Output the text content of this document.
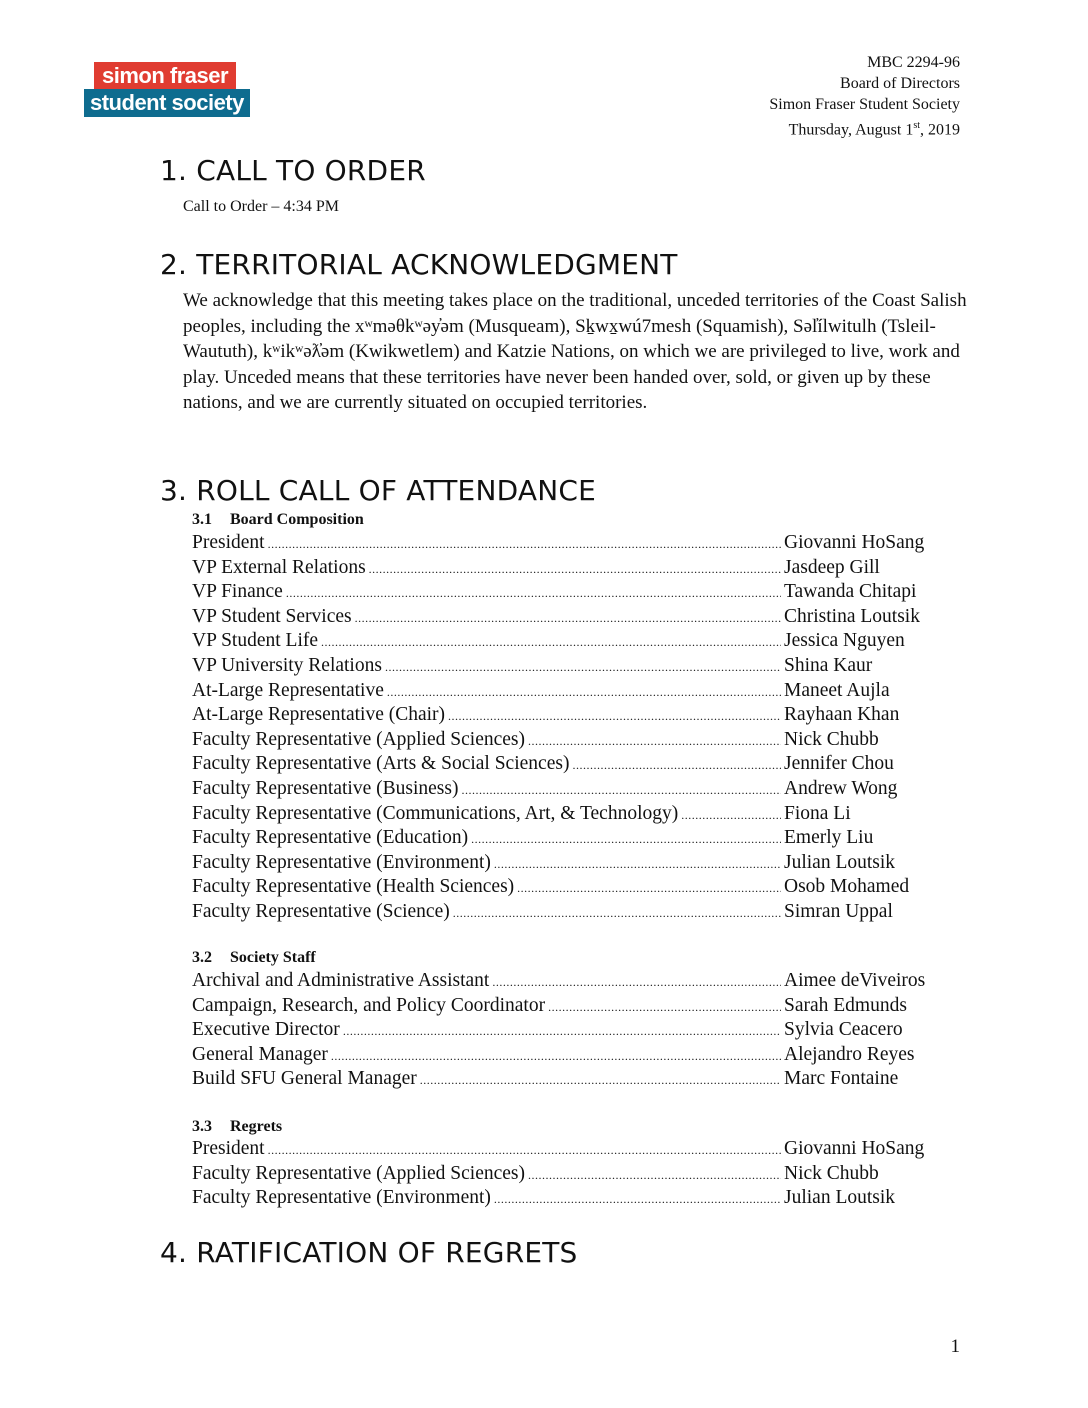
simon fraser
student society
MBC 2294-96
Board of Directors
Simon Fraser Student Society
Thursday, August 1st, 2019
1. CALL TO ORDER
Call to Order – 4:34 PM
2. TERRITORIAL ACKNOWLEDGMENT
We acknowledge that this meeting takes place on the traditional, unceded territories of the Coast Salish peoples, including the xʷməθkʷəy̓əm (Musqueam), Sḵwx̱wú7mesh (Squamish), Səl̓ílwitulh (Tsleil-Waututh), kʷikʷəƛ̓əm (Kwikwetlem) and Katzie Nations, on which we are privileged to live, work and play. Unceded means that these territories have never been handed over, sold, or given up by these nations, and we are currently situated on occupied territories.
3. ROLL CALL OF ATTENDANCE
3.1 Board Composition
President .....	Giovanni HoSang
VP External Relations .....	Jasdeep Gill
VP Finance .....	Tawanda Chitapi
VP Student Services .....	Christina Loutsik
VP Student Life .....	Jessica Nguyen
VP University Relations .....	Shina Kaur
At-Large Representative .....	Maneet Aujla
At-Large Representative (Chair) .....	Rayhaan Khan
Faculty Representative (Applied Sciences) .....	Nick Chubb
Faculty Representative (Arts & Social Sciences) .....	Jennifer Chou
Faculty Representative (Business) .....	Andrew Wong
Faculty Representative (Communications, Art, & Technology) .....	Fiona Li
Faculty Representative (Education) .....	Emerly Liu
Faculty Representative (Environment) .....	Julian Loutsik
Faculty Representative (Health Sciences) .....	Osob Mohamed
Faculty Representative (Science) .....	Simran Uppal
3.2 Society Staff
Archival and Administrative Assistant .....	Aimee deViveiros
Campaign, Research, and Policy Coordinator .....	Sarah Edmunds
Executive Director .....	Sylvia Ceacero
General Manager .....	Alejandro Reyes
Build SFU General Manager .....	Marc Fontaine
3.3 Regrets
President .....	Giovanni HoSang
Faculty Representative (Applied Sciences) .....	Nick Chubb
Faculty Representative (Environment) .....	Julian Loutsik
4. RATIFICATION OF REGRETS
1
